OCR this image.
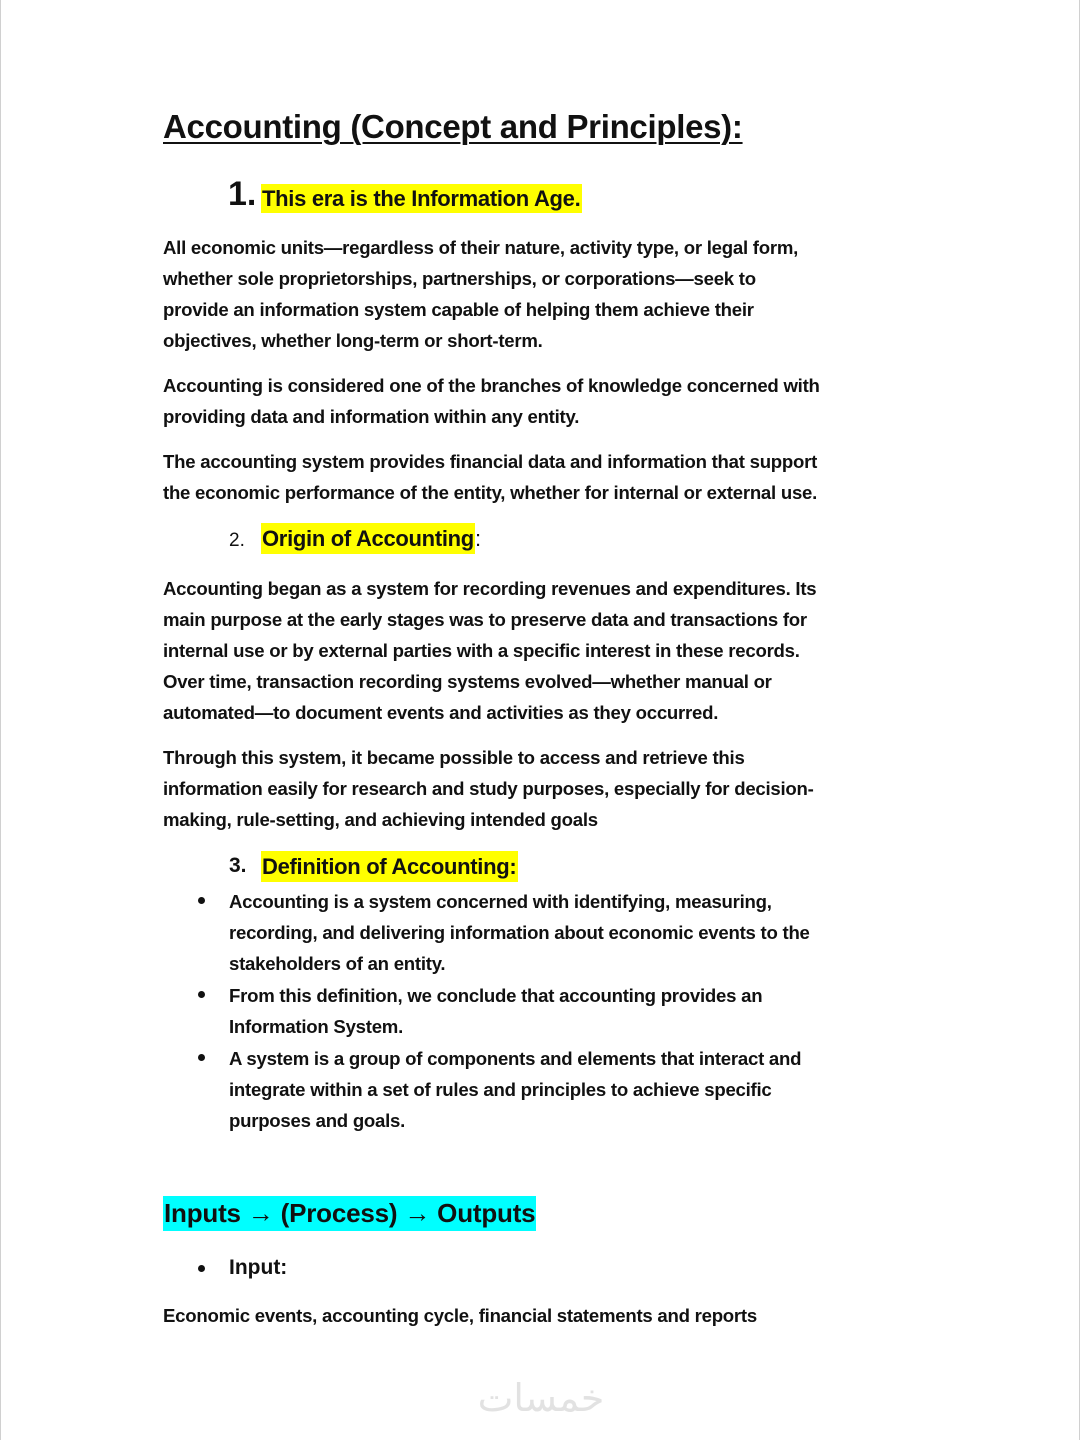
Accounting (Concept and Principles):
1. This era is the Information Age.
All economic units—regardless of their nature, activity type, or legal form,
whether sole proprietorships, partnerships, or corporations—seek to
provide an information system capable of helping them achieve their
objectives, whether long-term or short-term.
Accounting is considered one of the branches of knowledge concerned with
providing data and information within any entity.
The accounting system provides financial data and information that support
the economic performance of the entity, whether for internal or external use.
2. Origin of Accounting:
Accounting began as a system for recording revenues and expenditures. Its
main purpose at the early stages was to preserve data and transactions for
internal use or by external parties with a specific interest in these records.
Over time, transaction recording systems evolved—whether manual or
automated—to document events and activities as they occurred.
Through this system, it became possible to access and retrieve this
information easily for research and study purposes, especially for decision-
making, rule-setting, and achieving intended goals
3. Definition of Accounting:
Accounting is a system concerned with identifying, measuring,
recording, and delivering information about economic events to the
stakeholders of an entity.
From this definition, we conclude that accounting provides an
Information System.
A system is a group of components and elements that interact and
integrate within a set of rules and principles to achieve specific
purposes and goals.
Inputs → (Process) → Outputs
Input:
Economic events, accounting cycle, financial statements and reports
خمسات
